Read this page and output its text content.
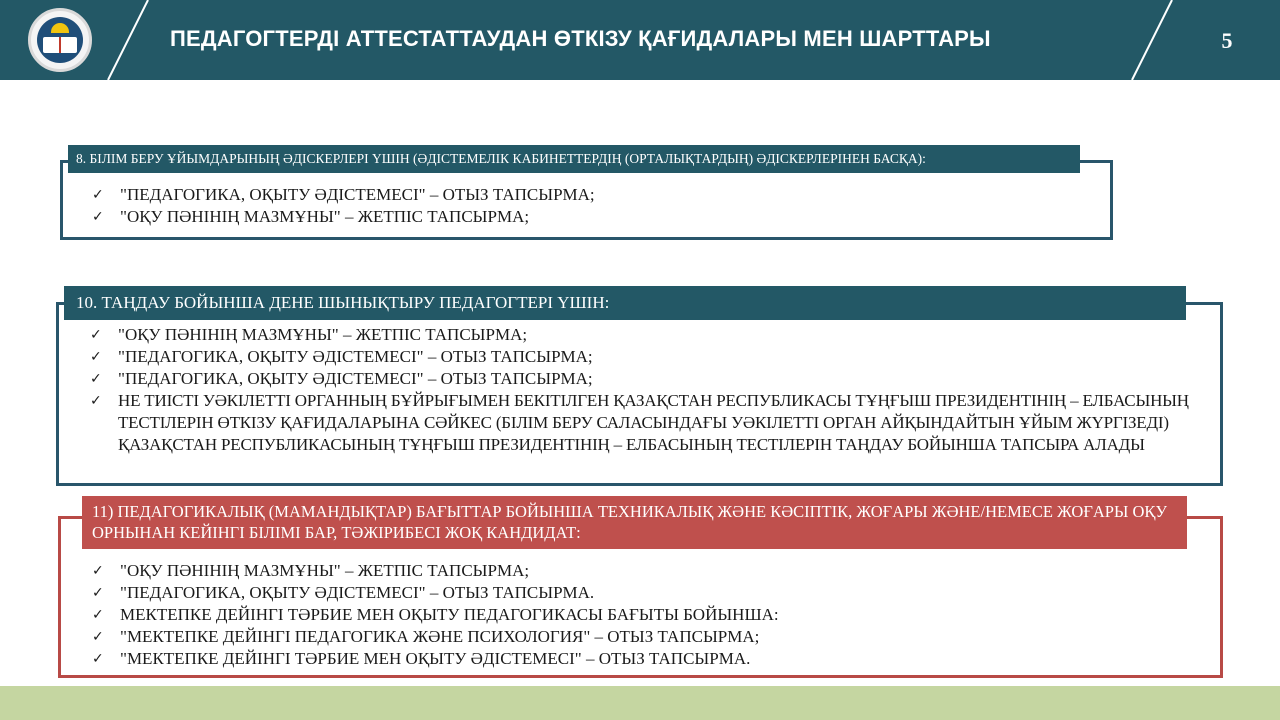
ПЕДАГОГТЕРДІ АТТЕСТАТТАУДАН ӨТКІЗУ ҚАҒИДАЛАРЫ МЕН ШАРТТАРЫ	5
8. БІЛІМ БЕРУ ҰЙЫМДАРЫНЫҢ ӘДІСКЕРЛЕРІ ҮШІН (ӘДІСТЕМЕЛІК КАБИНЕТТЕРДІҢ (ОРТАЛЫҚТАРДЫҢ) ӘДІСКЕРЛЕРІНЕН БАСҚА):
✓ "ПЕДАГОГИКА, ОҚЫТУ ӘДІСТЕМЕСІ" – ОТЫЗ ТАПСЫРМА;
✓ "ОҚУ ПӘНІНІҢ МАЗМҰНЫ" – ЖЕТПІС ТАПСЫРМА;
10. ТАҢДАУ БОЙЫНША ДЕНЕ ШЫНЫҚТЫРУ ПЕДАГОГТЕРІ ҮШІН:
✓ "ОҚУ ПӘНІНІҢ МАЗМҰНЫ" – ЖЕТПІС ТАПСЫРМА;
✓ "ПЕДАГОГИКА, ОҚЫТУ ӘДІСТЕМЕСІ" – ОТЫЗ ТАПСЫРМА;
✓ "ПЕДАГОГИКА, ОҚЫТУ ӘДІСТЕМЕСІ" – ОТЫЗ ТАПСЫРМА;
✓ НЕ ТИІСТІ УӘКІЛЕТТІ ОРГАННЫҢ БҰЙРЫҒЫМЕН БЕКІТІЛГЕН ҚАЗАҚСТАН РЕСПУБЛИКАСЫ ТҰҢҒЫШ ПРЕЗИДЕНТІНІҢ – ЕЛБАСЫНЫҢ ТЕСТІЛЕРІН ӨТКІЗУ ҚАҒИДАЛАРЫНА СӘЙКЕС (БІЛІМ БЕРУ САЛАСЫНДАҒЫ УӘКІЛЕТТІ ОРГАН АЙҚЫНДАЙТЫН ҰЙЫМ ЖҮРГІЗЕДІ) ҚАЗАҚСТАН РЕСПУБЛИКАСЫНЫҢ ТҰҢҒЫШ ПРЕЗИДЕНТІНІҢ – ЕЛБАСЫНЫҢ ТЕСТІЛЕРІН ТАҢДАУ БОЙЫНША ТАПСЫРА АЛАДЫ
11) ПЕДАГОГИКАЛЫҚ (МАМАНДЫҚТАР) БАҒЫТТАР БОЙЫНША ТЕХНИКАЛЫҚ ЖӘНЕ КӘСІПТІК, ЖОҒАРЫ ЖӘНЕ/НЕМЕСЕ ЖОҒАРЫ ОҚУ ОРНЫНАН КЕЙІНГІ БІЛІМІ БАР, ТӘЖІРИБЕСІ ЖОҚ КАНДИДАТ:
✓ "ОҚУ ПӘНІНІҢ МАЗМҰНЫ" – ЖЕТПІС ТАПСЫРМА;
✓ "ПЕДАГОГИКА, ОҚЫТУ ӘДІСТЕМЕСІ" – ОТЫЗ ТАПСЫРМА.
✓ МЕКТЕПКЕ ДЕЙІНГІ ТӘРБИЕ МЕН ОҚЫТУ ПЕДАГОГИКАСЫ БАҒЫТЫ БОЙЫНША:
✓ "МЕКТЕПКЕ ДЕЙІНГІ ПЕДАГОГИКА ЖӘНЕ ПСИХОЛОГИЯ" – ОТЫЗ ТАПСЫРМА;
✓ "МЕКТЕПКЕ ДЕЙІНГІ ТӘРБИЕ МЕН ОҚЫТУ ӘДІСТЕМЕСІ" – ОТЫЗ ТАПСЫРМА.
